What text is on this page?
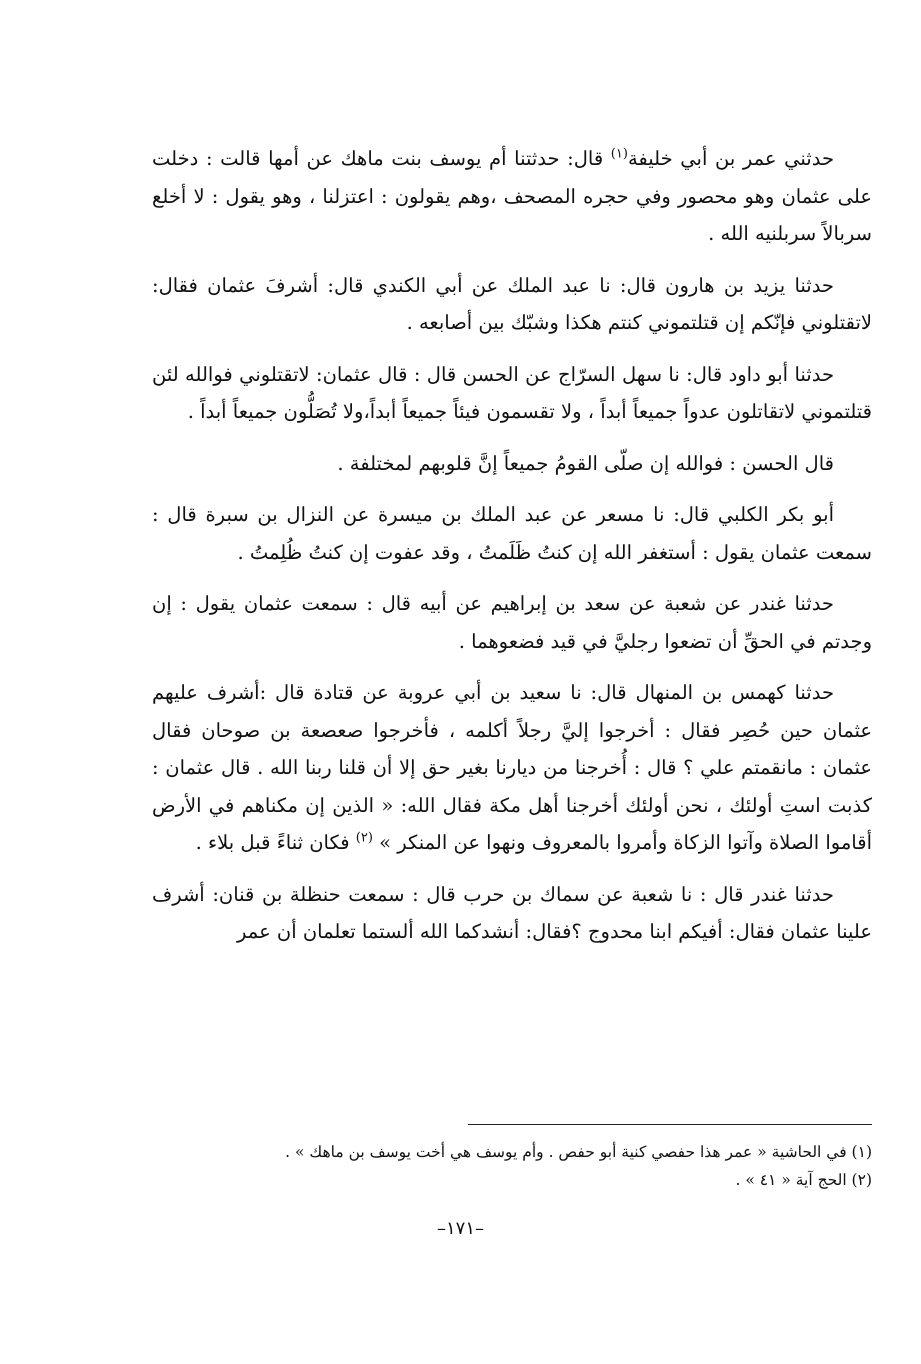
حدثني عمر بن أبي خليفة$^{(١)}$ قال: حدثتنا أم يوسف بنت ماهك عن أمها قالت : دخلت على عثمان وهو محصور وفي حجره المصحف ،وهم يقولون : اعتزلنا ، وهو يقول : لا أخلع سربالاً سربلنيه الله .

حدثنا يزيد بن هارون قال: نا عبد الملك عن أبي الكندي قال: أشرفَ عثمان فقال: لاتقتلوني فإنّكم إن قتلتموني كنتم هكذا وشبّك بين أصابعه .

حدثنا أبو داود قال: نا سهل السرّاج عن الحسن قال : قال عثمان: لاتقتلوني فوالله لئن قتلتموني لاتقاتلون عدواً جميعاً أبداً ، ولا تقسمون فيئاً جميعاً أبداً،ولا تُصَلُّون جميعاً أبداً .

قال الحسن : فوالله إن صلّى القومُ جميعاً إنَّ قلوبهم لمختلفة .

أبو بكر الكلبي قال: نا مسعر عن عبد الملك بن ميسرة عن النزال بن سبرة قال : سمعت عثمان يقول : أستغفر الله إن كنتُ ظَلَمتُ ، وقد عفوت إن كنتُ ظُلِمتُ .

حدثنا غندر عن شعبة عن سعد بن إبراهيم عن أبيه قال : سمعت عثمان يقول : إن وجدتم في الحقِّ أن تضعوا رجليَّ في قيد فضعوهما .

حدثنا كهمس بن المنهال قال: نا سعيد بن أبي عروبة عن قتادة قال :أشرف عليهم عثمان حين حُصِر فقال : أخرجوا إليَّ رجلاً أكلمه ، فأخرجوا صعصعة بن صوحان فقال عثمان : مانقمتم علي ؟ قال : أُخرجنا من ديارنا بغير حق إلا أن قلنا ربنا الله . قال عثمان : كذبت استِ أولئك ، نحن أولئك أخرجنا أهل مكة فقال الله: « الذين إن مكناهم في الأرض أقاموا الصلاة وآتوا الزكاة وأمروا بالمعروف ونهوا عن المنكر » $^{(٢)}$ فكان ثناءً قبل بلاء .

حدثنا غندر قال : نا شعبة عن سماك بن حرب قال : سمعت حنظلة بن قنان: أشرف علينا عثمان فقال: أفيكم ابنا محدوج ؟فقال: أنشدكما الله ألستما تعلمان أن عمر

(١) في الحاشية « عمر هذا حفصي كنية أبو حفص . وأم يوسف هي أخت يوسف بن ماهك » .

(٢) الحج آية « ٤١ » .

–١٧١–
